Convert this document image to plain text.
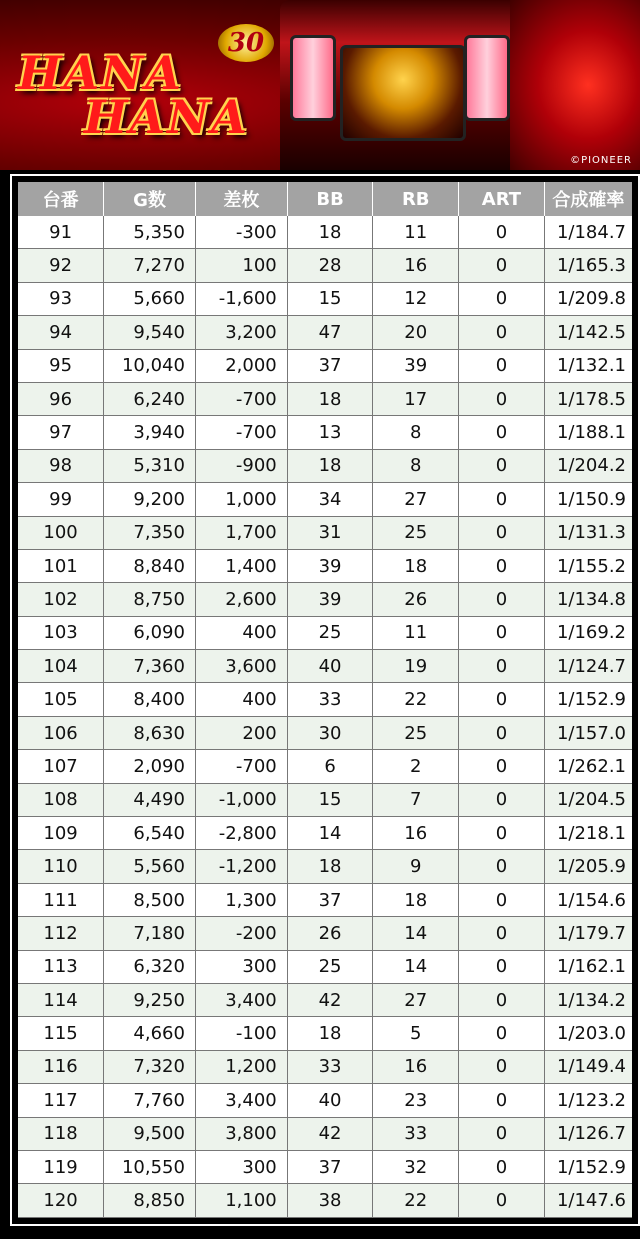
HANA
HANA
30
©PIONEER
台番	G数	差枚	BB	RB	ART	合成確率
91	5,350	-300	18	11	0	1/184.7
92	7,270	100	28	16	0	1/165.3
93	5,660	-1,600	15	12	0	1/209.8
94	9,540	3,200	47	20	0	1/142.5
95	10,040	2,000	37	39	0	1/132.1
96	6,240	-700	18	17	0	1/178.5
97	3,940	-700	13	8	0	1/188.1
98	5,310	-900	18	8	0	1/204.2
99	9,200	1,000	34	27	0	1/150.9
100	7,350	1,700	31	25	0	1/131.3
101	8,840	1,400	39	18	0	1/155.2
102	8,750	2,600	39	26	0	1/134.8
103	6,090	400	25	11	0	1/169.2
104	7,360	3,600	40	19	0	1/124.7
105	8,400	400	33	22	0	1/152.9
106	8,630	200	30	25	0	1/157.0
107	2,090	-700	6	2	0	1/262.1
108	4,490	-1,000	15	7	0	1/204.5
109	6,540	-2,800	14	16	0	1/218.1
110	5,560	-1,200	18	9	0	1/205.9
111	8,500	1,300	37	18	0	1/154.6
112	7,180	-200	26	14	0	1/179.7
113	6,320	300	25	14	0	1/162.1
114	9,250	3,400	42	27	0	1/134.2
115	4,660	-100	18	5	0	1/203.0
116	7,320	1,200	33	16	0	1/149.4
117	7,760	3,400	40	23	0	1/123.2
118	9,500	3,800	42	33	0	1/126.7
119	10,550	300	37	32	0	1/152.9
120	8,850	1,100	38	22	0	1/147.6
